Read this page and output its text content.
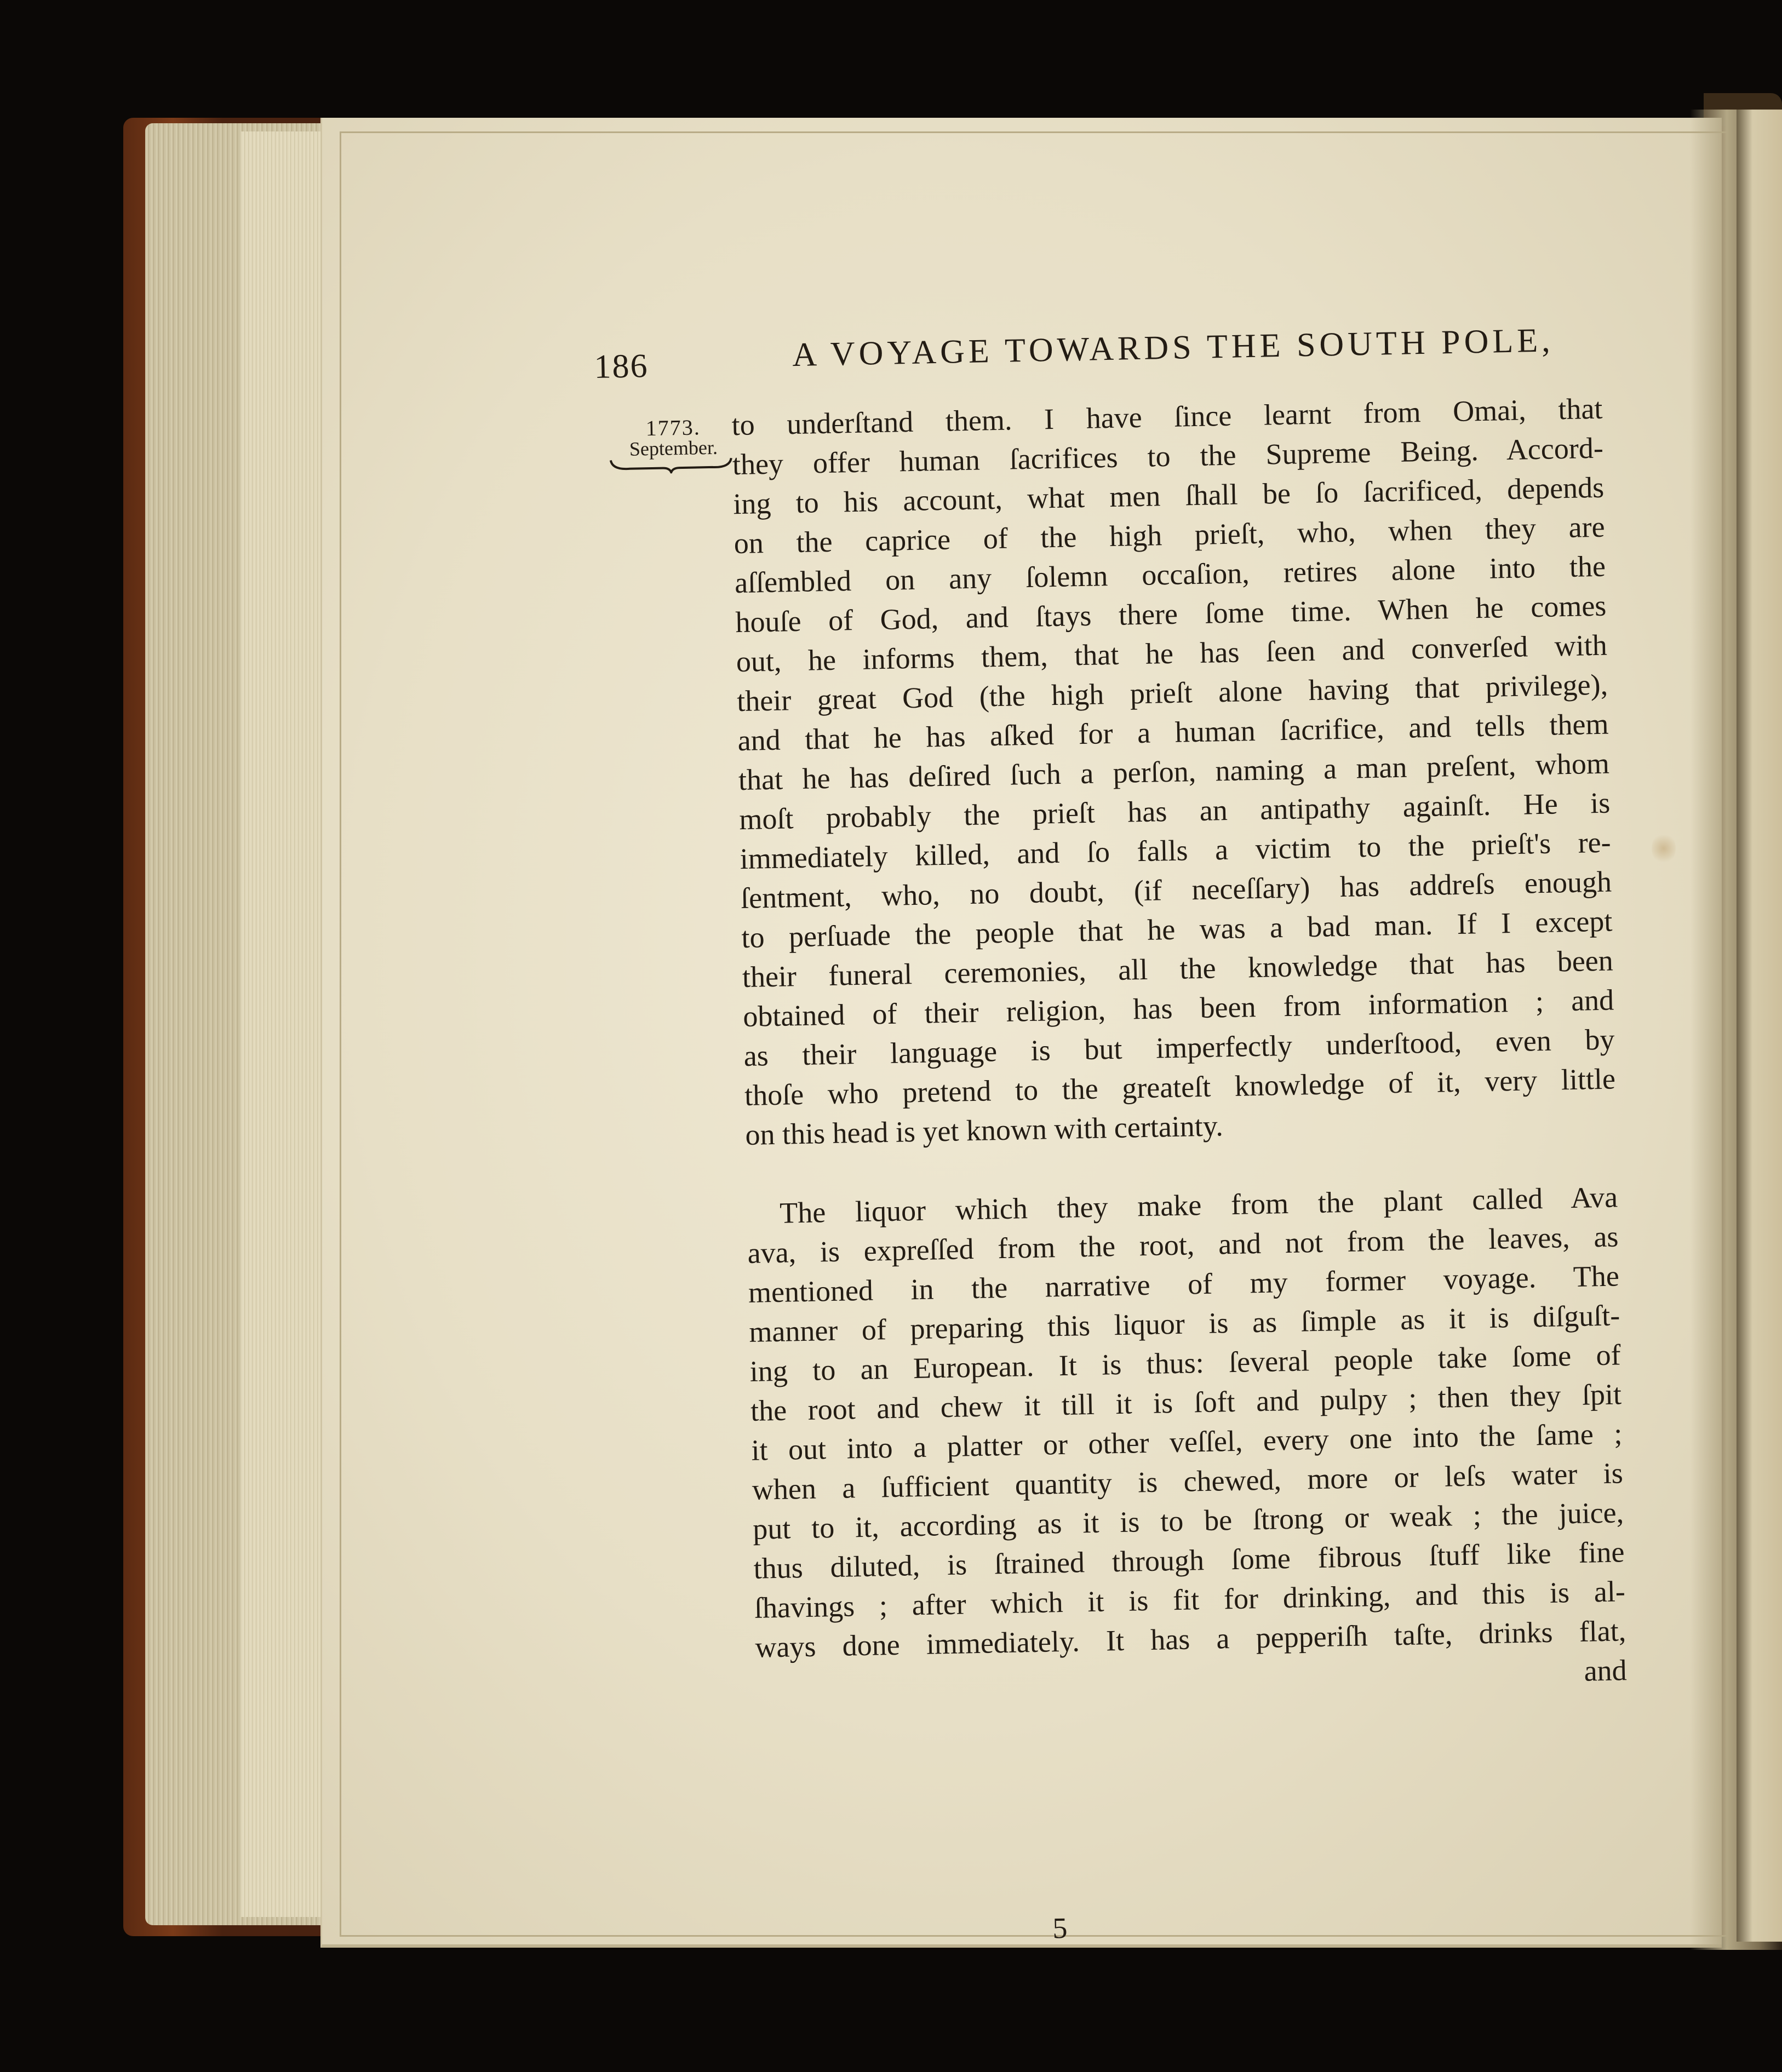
186	A VOYAGE TOWARDS THE SOUTH POLE,
1773.
September.
to underſtand them. I have ſince learnt from Omai, that
they offer human ſacrifices to the Supreme Being. Accord-
ing to his account, what men ſhall be ſo ſacrificed, depends
on the caprice of the high prieſt, who, when they are
aſſembled on any ſolemn occaſion, retires alone into the
houſe of God, and ſtays there ſome time. When he comes
out, he informs them, that he has ſeen and converſed with
their great God (the high prieſt alone having that privilege),
and that he has aſked for a human ſacrifice, and tells them
that he has deſired ſuch a perſon, naming a man preſent, whom
moſt probably the prieſt has an antipathy againſt. He is
immediately killed, and ſo falls a victim to the prieſt's re-
ſentment, who, no doubt, (if neceſſary) has addreſs enough
to perſuade the people that he was a bad man. If I except
their funeral ceremonies, all the knowledge that has been
obtained of their religion, has been from information ; and
as their language is but imperfectly underſtood, even by
thoſe who pretend to the greateſt knowledge of it, very little
on this head is yet known with certainty.
The liquor which they make from the plant called Ava
ava, is expreſſed from the root, and not from the leaves, as
mentioned in the narrative of my former voyage. The
manner of preparing this liquor is as ſimple as it is diſguſt-
ing to an European. It is thus: ſeveral people take ſome of
the root and chew it till it is ſoft and pulpy ; then they ſpit
it out into a platter or other veſſel, every one into the ſame ;
when a ſufficient quantity is chewed, more or leſs water is
put to it, according as it is to be ſtrong or weak ; the juice,
thus diluted, is ſtrained through ſome fibrous ſtuff like fine
ſhavings ; after which it is fit for drinking, and this is al-
ways done immediately. It has a pepperiſh taſte, drinks flat,
and
5
